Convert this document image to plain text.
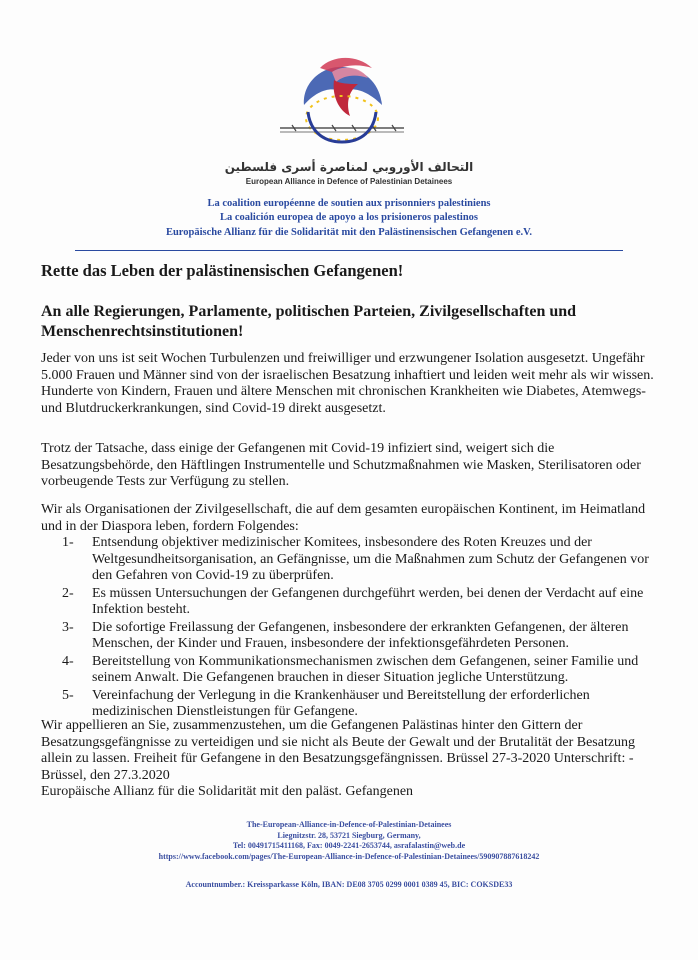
التحالف الأوروبي لمناصرة أسرى فلسطين
European Alliance in Defence of Palestinian Detainees
La coalition européenne de soutien aux prisonniers palestiniens
La coalición europea de apoyo a los prisioneros palestinos
Europäische Allianz für die Solidarität mit den Palästinensischen Gefangenen e.V.
Rette das Leben der palästinensischen Gefangenen!
An alle Regierungen, Parlamente, politischen Parteien, Zivilgesellschaften und Menschenrechtsinstitutionen!
Jeder von uns ist seit Wochen Turbulenzen und freiwilliger und erzwungener Isolation ausgesetzt. Ungefähr 5.000 Frauen und Männer sind von der israelischen Besatzung inhaftiert und leiden weit mehr als wir wissen. Hunderte von Kindern, Frauen und ältere Menschen mit chronischen Krankheiten wie Diabetes, Atemwegs- und Blutdruckerkrankungen, sind Covid-19 direkt ausgesetzt.
Trotz der Tatsache, dass einige der Gefangenen mit Covid-19 infiziert sind, weigert sich die Besatzungsbehörde, den Häftlingen Instrumentelle und Schutzmaßnahmen wie Masken, Sterilisatoren oder vorbeugende Tests zur Verfügung zu stellen.
Wir als Organisationen der Zivilgesellschaft, die auf dem gesamten europäischen Kontinent, im Heimatland und in der Diaspora leben, fordern Folgendes:
1- Entsendung objektiver medizinischer Komitees, insbesondere des Roten Kreuzes und der Weltgesundheitsorganisation, an Gefängnisse, um die Maßnahmen zum Schutz der Gefangenen vor den Gefahren von Covid-19 zu überprüfen.
2- Es müssen Untersuchungen der Gefangenen durchgeführt werden, bei denen der Verdacht auf eine Infektion besteht.
3- Die sofortige Freilassung der Gefangenen, insbesondere der erkrankten Gefangenen, der älteren Menschen, der Kinder und Frauen, insbesondere der infektionsgefährdeten Personen.
4- Bereitstellung von Kommunikationsmechanismen zwischen dem Gefangenen, seiner Familie und seinem Anwalt. Die Gefangenen brauchen in dieser Situation jegliche Unterstützung.
5- Vereinfachung der Verlegung in die Krankenhäuser und Bereitstellung der erforderlichen medizinischen Dienstleistungen für Gefangene.
Wir appellieren an Sie, zusammenzustehen, um die Gefangenen Palästinas hinter den Gittern der Besatzungsgefängnisse zu verteidigen und sie nicht als Beute der Gewalt und der Brutalität der Besatzung allein zu lassen. Freiheit für Gefangene in den Besatzungsgefängnissen. Brüssel 27-3-2020 Unterschrift: - Brüssel, den 27.3.2020
Europäische Allianz für die Solidarität mit den paläst. Gefangenen
The-European-Alliance-in-Defence-of-Palestinian-Detainees
Liegnitzstr. 28, 53721 Siegburg, Germany,
Tel: 00491715411168, Fax: 0049-2241-2653744, asrafalastin@web.de
https://www.facebook.com/pages/The-European-Alliance-in-Defence-of-Palestinian-Detainees/590907887618242
Accountnumber.: Kreissparkasse Köln, IBAN: DE08 3705 0299 0001 0389 45, BIC: COKSDE33
